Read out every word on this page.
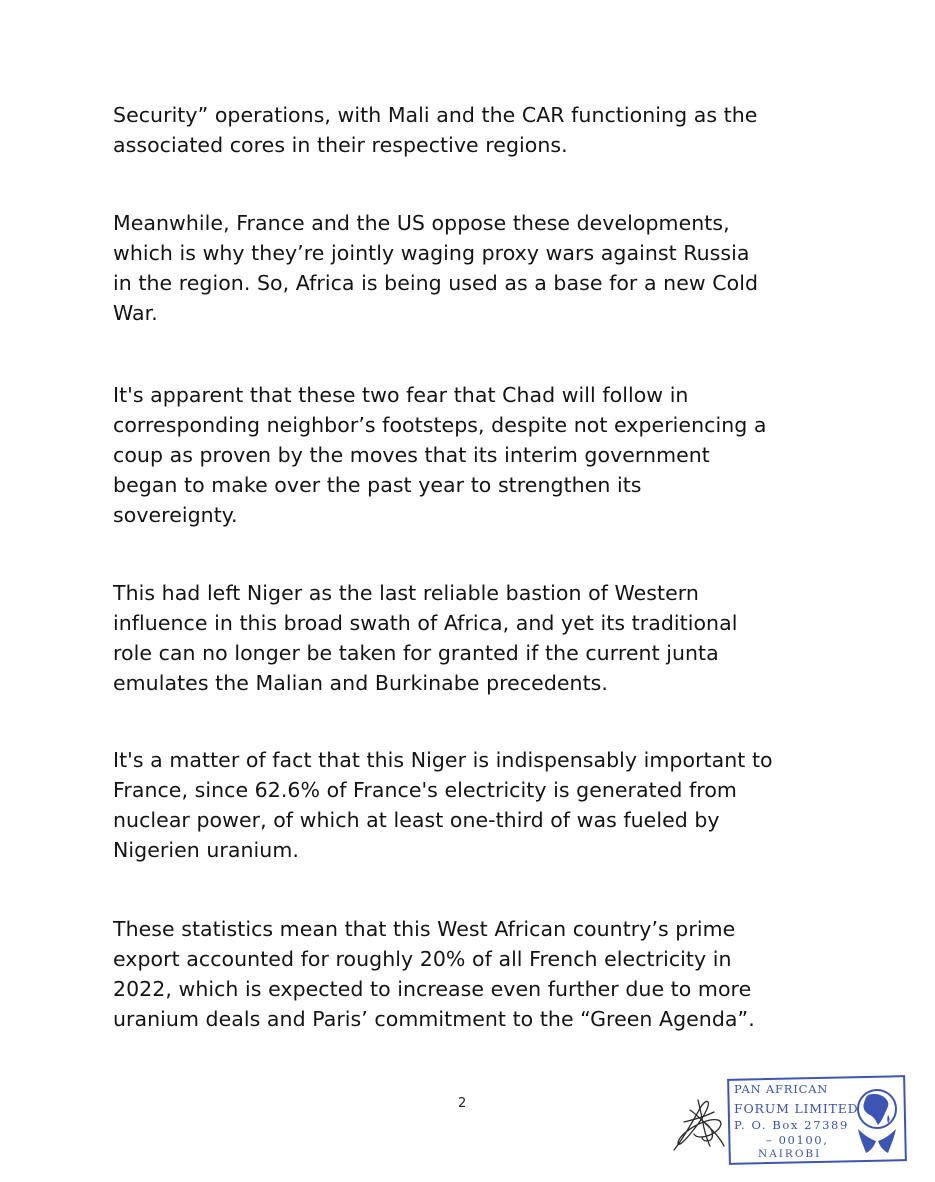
Security” operations, with Mali and the CAR functioning as the
associated cores in their respective regions.

Meanwhile, France and the US oppose these developments,
which is why they’re jointly waging proxy wars against Russia
in the region. So, Africa is being used as a base for a new Cold
War.

It's apparent that these two fear that Chad will follow in
corresponding neighbor’s footsteps, despite not experiencing a
coup as proven by the moves that its interim government
began to make over the past year to strengthen its
sovereignty.

This had left Niger as the last reliable bastion of Western
influence in this broad swath of Africa, and yet its traditional
role can no longer be taken for granted if the current junta
emulates the Malian and Burkinabe precedents.

It's a matter of fact that this Niger is indispensably important to
France, since 62.6% of France's electricity is generated from
nuclear power, of which at least one-third of was fueled by
Nigerien uranium.

These statistics mean that this West African country’s prime
export accounted for roughly 20% of all French electricity in
2022, which is expected to increase even further due to more
uranium deals and Paris’ commitment to the “Green Agenda”.

2
PAN AFRICAN
FORUM LIMITED
P. O. Box 27389
– 00100,
NAIROBI
